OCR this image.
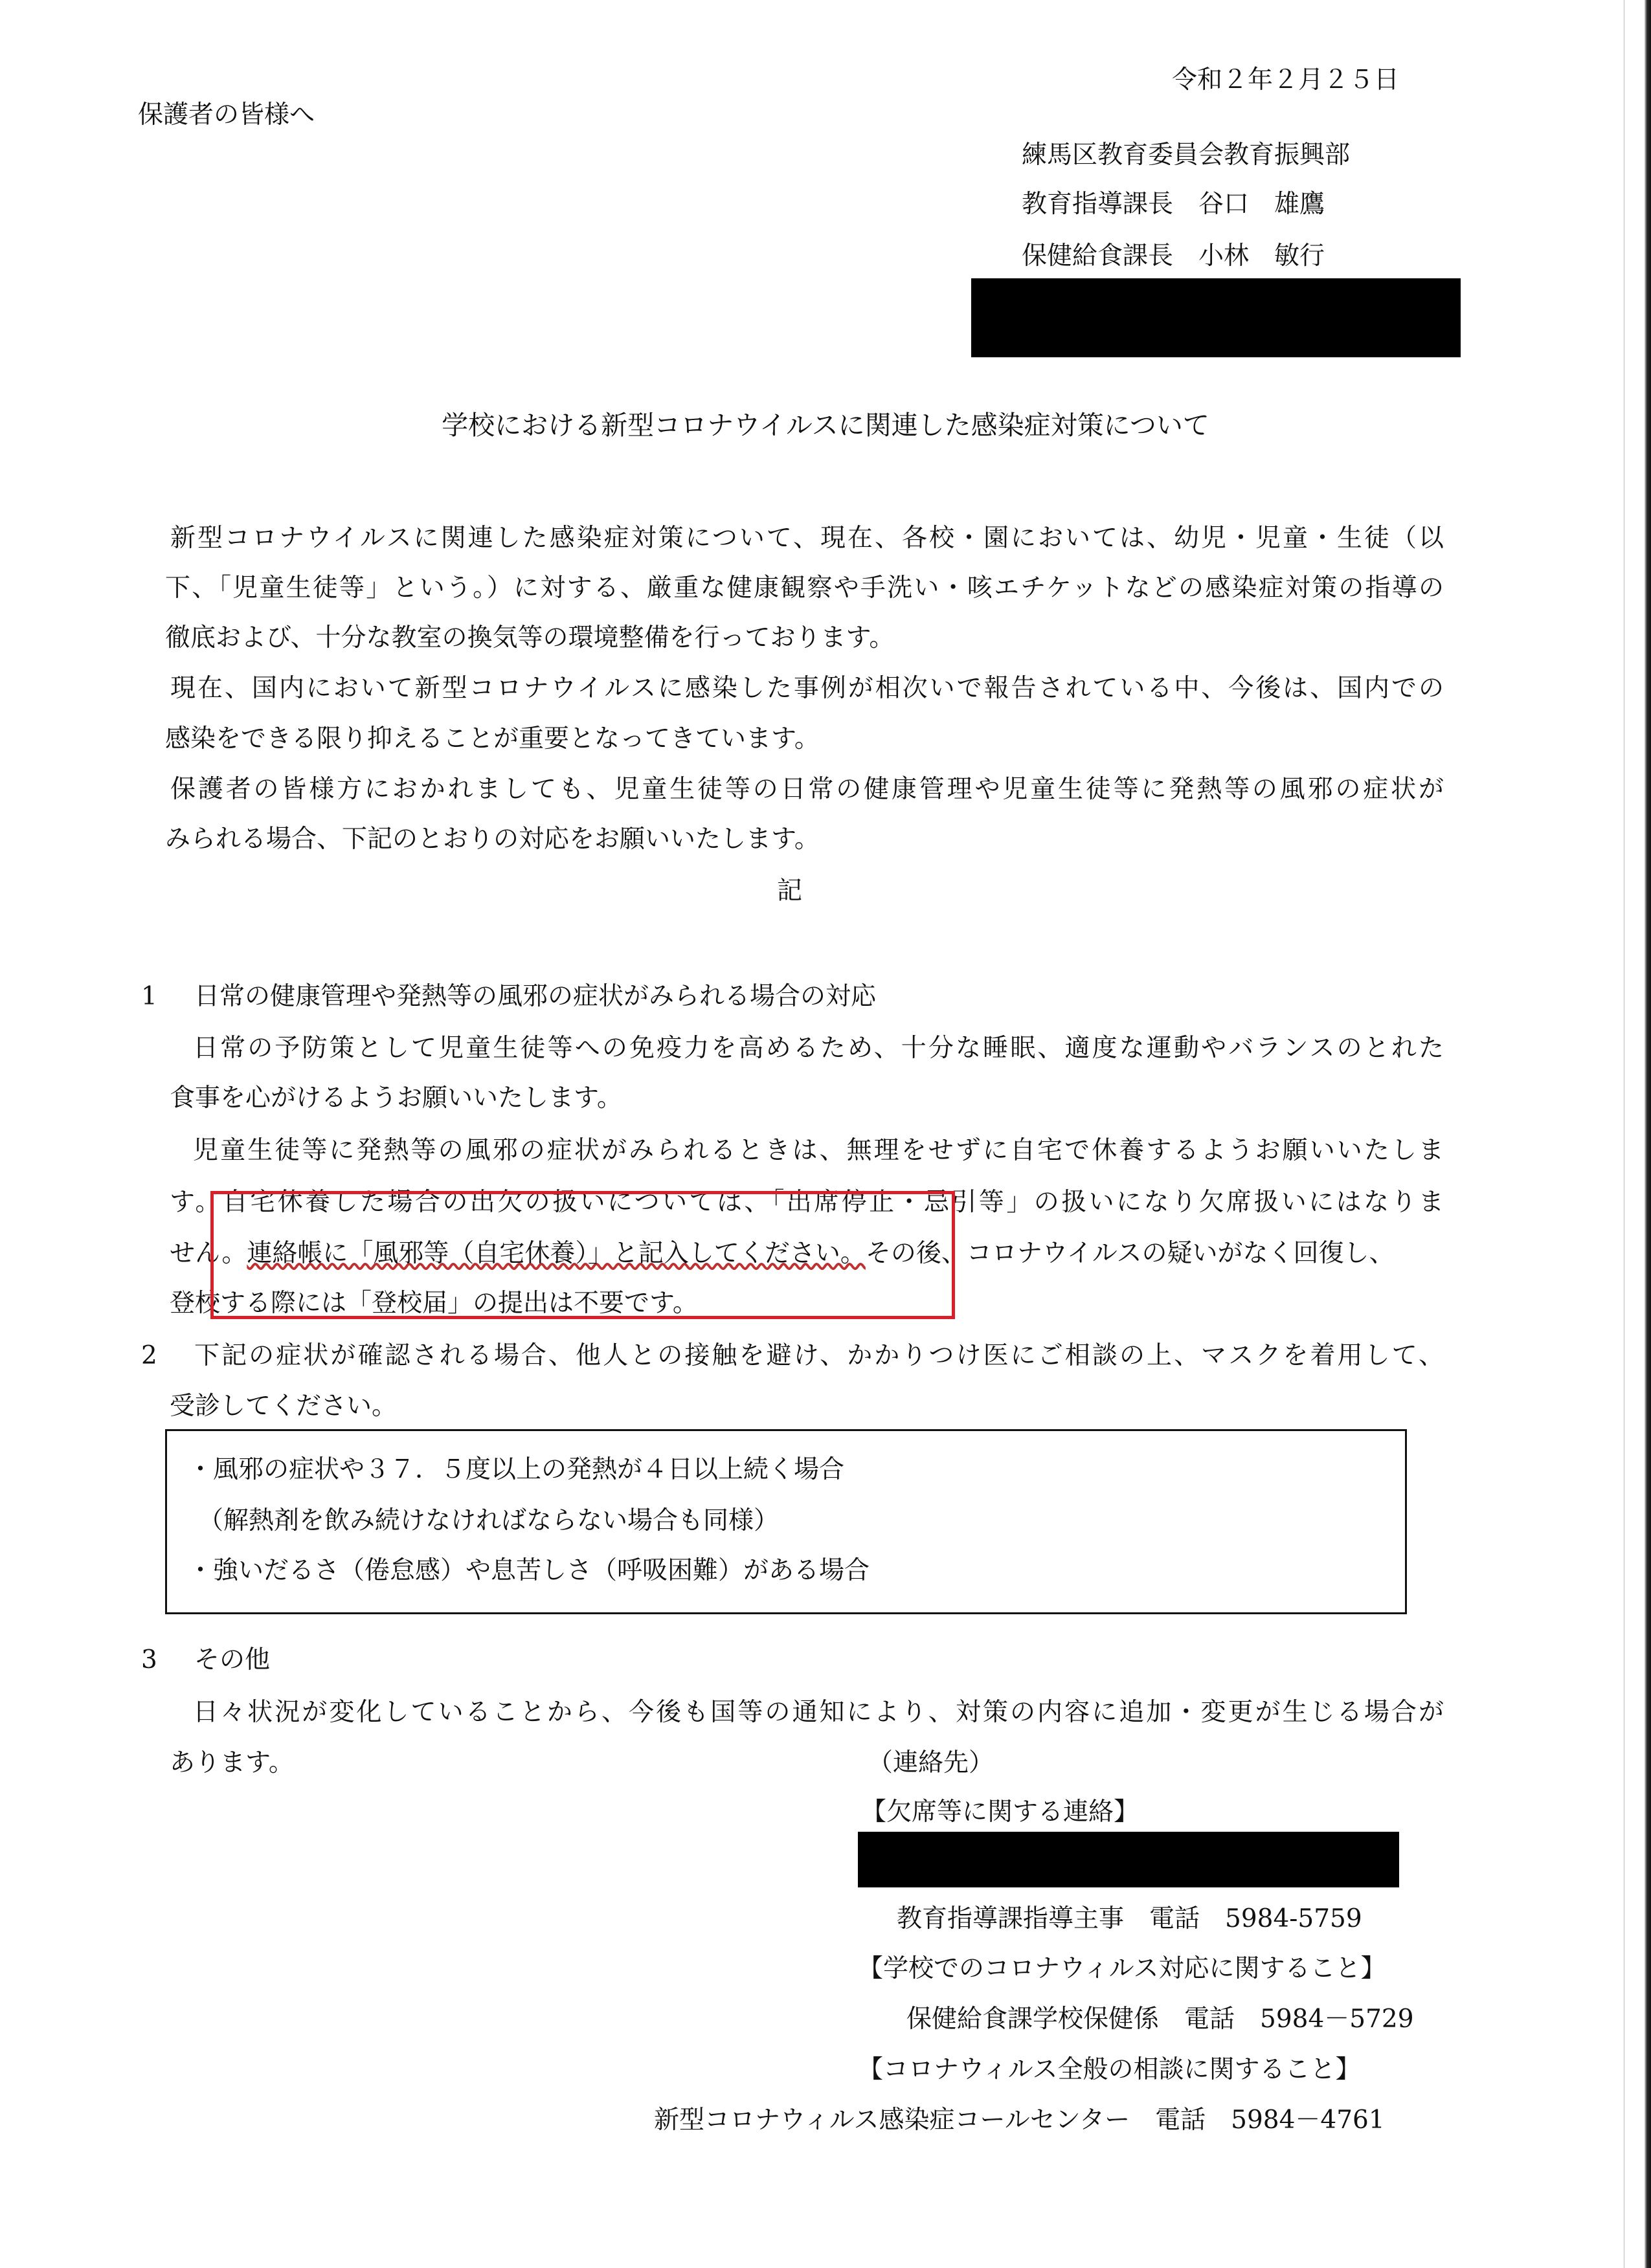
令和２年２月２５日
保護者の皆様へ
練馬区教育委員会教育振興部
教育指導課長　谷口　雄鷹
保健給食課長　小林　敏行
学校における新型コロナウイルスに関連した感染症対策について
新型コロナウイルスに関連した感染症対策について、現在、各校・園においては、幼児・児童・生徒（以
下、「児童生徒等」という。）に対する、厳重な健康観察や手洗い・咳エチケットなどの感染症対策の指導の
徹底および、十分な教室の換気等の環境整備を行っております。
現在、国内において新型コロナウイルスに感染した事例が相次いで報告されている中、今後は、国内での
感染をできる限り抑えることが重要となってきています。
保護者の皆様方におかれましても、児童生徒等の日常の健康管理や児童生徒等に発熱等の風邪の症状が
みられる場合、下記のとおりの対応をお願いいたします。
記
1 日常の健康管理や発熱等の風邪の症状がみられる場合の対応
日常の予防策として児童生徒等への免疫力を高めるため、十分な睡眠、適度な運動やバランスのとれた
食事を心がけるようお願いいたします。
児童生徒等に発熱等の風邪の症状がみられるときは、無理をせずに自宅で休養するようお願いいたしま
す。自宅休養した場合の出欠の扱いについては、「出席停止・忌引等」の扱いになり欠席扱いにはなりま
せん。連絡帳に「風邪等（自宅休養）」と記入してください。その後、コロナウイルスの疑いがなく回復し、
登校する際には「登校届」の提出は不要です。
2 下記の症状が確認される場合、他人との接触を避け、かかりつけ医にご相談の上、マスクを着用して、
受診してください。
・風邪の症状や３７．５度以上の発熱が４日以上続く場合
（解熱剤を飲み続けなければならない場合も同様）
・強いだるさ（倦怠感）や息苦しさ（呼吸困難）がある場合
3 その他
日々状況が変化していることから、今後も国等の通知により、対策の内容に追加・変更が生じる場合が
あります。	（連絡先）
【欠席等に関する連絡】
教育指導課指導主事　電話　5984-5759
【学校でのコロナウィルス対応に関すること】
保健給食課学校保健係　電話　5984－5729
【コロナウィルス全般の相談に関すること】
新型コロナウィルス感染症コールセンター　電話　5984－4761
